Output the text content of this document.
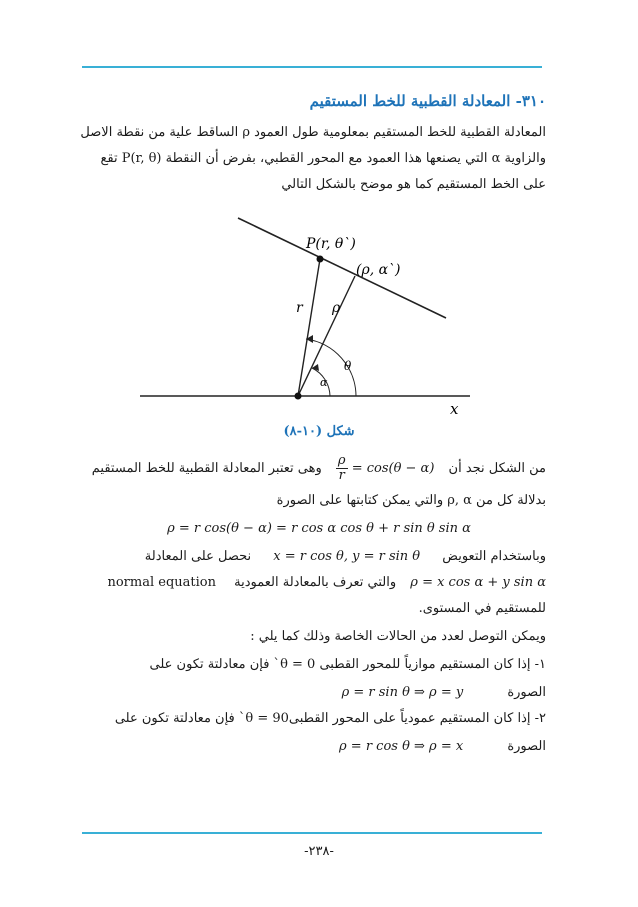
۳۱۰- المعادلة القطبية للخط المستقيم
المعادلة القطبية للخط المستقيم بمعلومية طول العمود ρ الساقط علية من نقطة الاصل
والزاوية α التي يصنعها هذا العمود مع المحور القطبي، بفرض أن النقطة P(r, θ) تقع
على الخط المستقيم كما هو موضح بالشكل التالي
P(r, θ`)
(ρ, α`)
r ρ
θ
α
x
شكل (۱۰-۸)
من الشكل نجد أن
$\frac{\rho}{r} = \cos(\theta - \alpha)$ وهى تعتبر المعادلة القطبية للخط المستقيم
بدلالة كل من ρ, α والتي يمكن كتابتها على الصورة
ρ = r cos(θ − α) = r cos α cos θ + r sin θ sin α
وباستخدام التعويض x = r cos θ, y = r sin θ نحصل على المعادلة
ρ = x cos α + y sin α والتي تعرف بالمعادلة العمودية normal equation
للمستقيم في المستوى.
ويمكن التوصل لعدد من الحالات الخاصة وذلك كما يلي :
۱- إذا كان المستقيم موازياً للمحور القطبى θ = 0` فإن معادلتة تكون على
الصورة ρ = r sin θ ⇒ ρ = y
۲- إذا كان المستقيم عمودياً على المحور القطبىθ = 90` فإن معادلتة تكون على
الصورة ρ = r cos θ ⇒ ρ = x
-۲۳۸-
